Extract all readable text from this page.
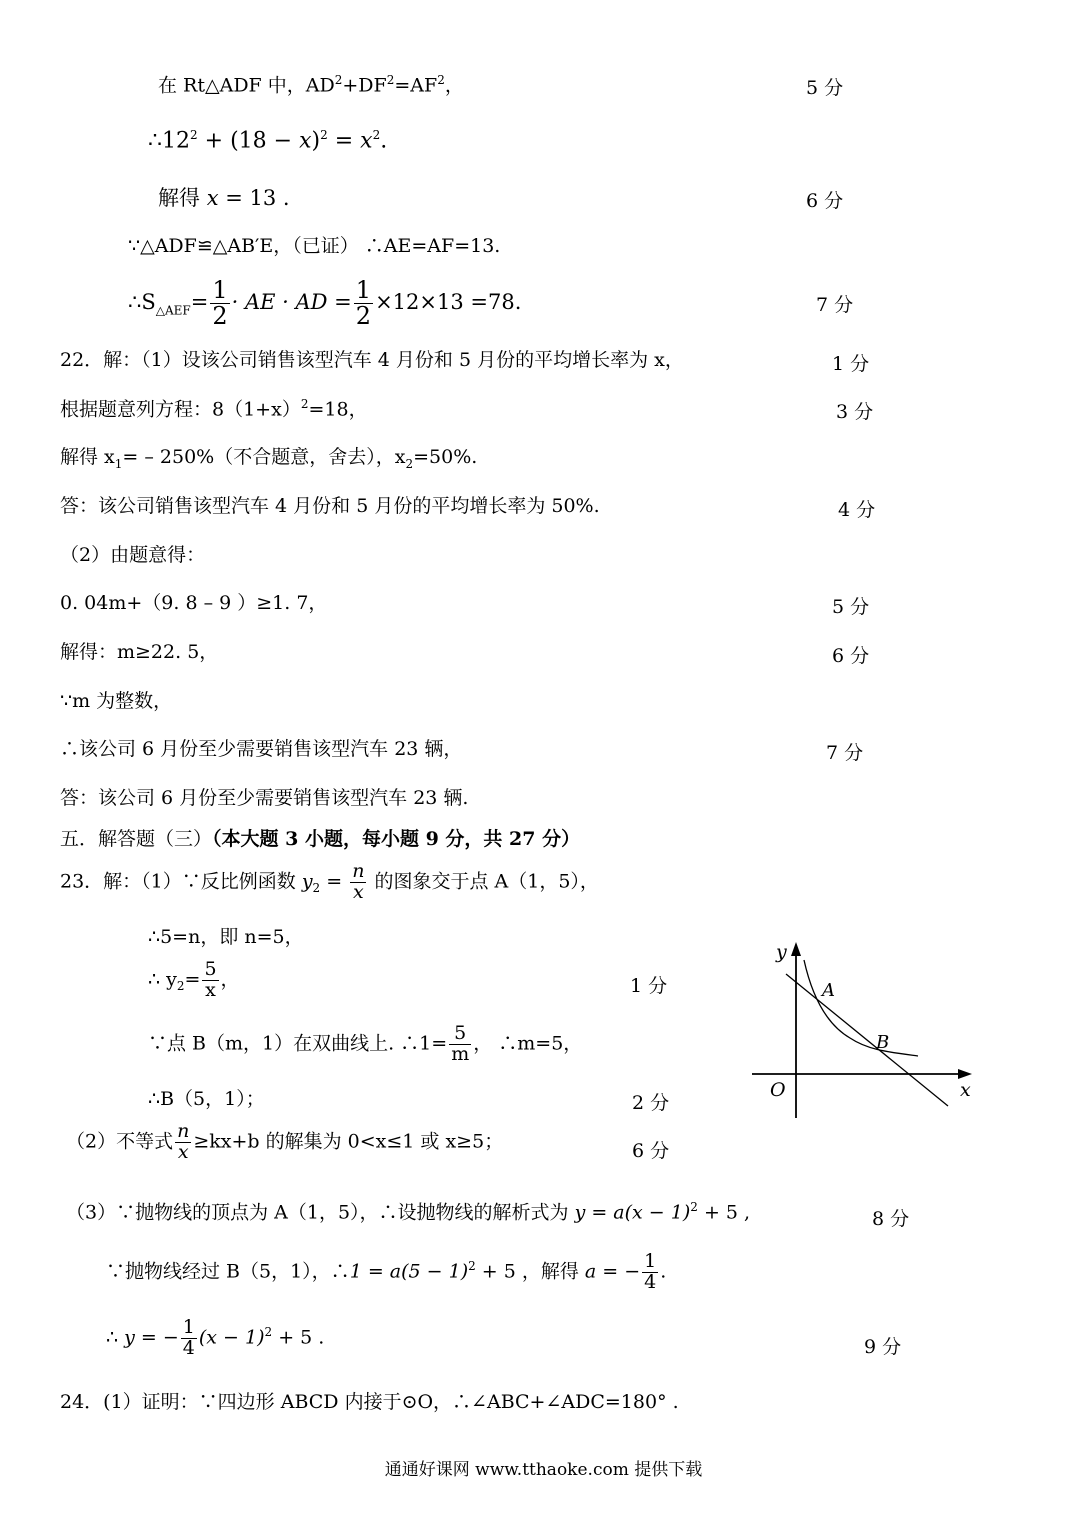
在 Rt△ADF 中，$AD^2+DF^2=AF^2$，	5 分
$\therefore 12^2 + (18 - x)^2 = x^2$.
解得 x = 13 .	6 分
∵△ADF≌△AB′E，（已证） ∴AE=AF=13.
$\therefore S_{\triangle AEF}= \frac{1}{2}$ · AE · AD = $\frac{1}{2} \times 12\times 13 =78$.	7 分
22．解：（1）设该公司销售该型汽车 4 月份和 5 月份的平均增长率为 x，	1 分
根据题意列方程：$8(1+x)^2=18$，	3 分
解得 $x_1= - 250\%$（不合题意，舍去），$x_2=50\%$.
答：该公司销售该型汽车 4 月份和 5 月份的平均增长率为 50%.	4 分
（2）由题意得：
0. 04m+（9. 8 – 9 ）≥1. 7，	5 分
解得：m≥22. 5，	6 分
∵m 为整数，
∴该公司 6 月份至少需要销售该型汽车 23 辆，	7 分
答：该公司 6 月份至少需要销售该型汽车 23 辆.
五．解答题（三）（本大题 3 小题，每小题 9 分，共 27 分）
23．解：（1）∵反比例函数 $y_2 = \frac{n}{x}$ 的图象交于点 A（1，5），
∴5=n，即 n=5，
∴ $y_2= \frac{5}{x}$ ，	1 分
∵点 B（m，1）在双曲线上. ∴1= $\frac{5}{m}$ ， ∴m=5，
∴B（5，1）；	2 分
（2）不等式 $\frac{n}{x} \ge kx+b$ 的解集为 0<x≤1 或 x≥5；	6 分
（3）∵抛物线的顶点为 A（1，5），∴设抛物线的解析式为 $y = a(x - 1)^2 + 5$ ,	8 分
∵抛物线经过 B（5，1），∴1 = $a(5 - 1)^2 + 5$ ，解得 a = − $\frac{1}{4}$ .
∴ y = − $\frac{1}{4} (x - 1)^2 + 5$ .	9 分
y
x
O
A
B
24．(1）证明：∵四边形 ABCD 内接于⊙O，∴∠ABC+∠ADC=180° .
通通好课网 www.tthaoke.com 提供下载
